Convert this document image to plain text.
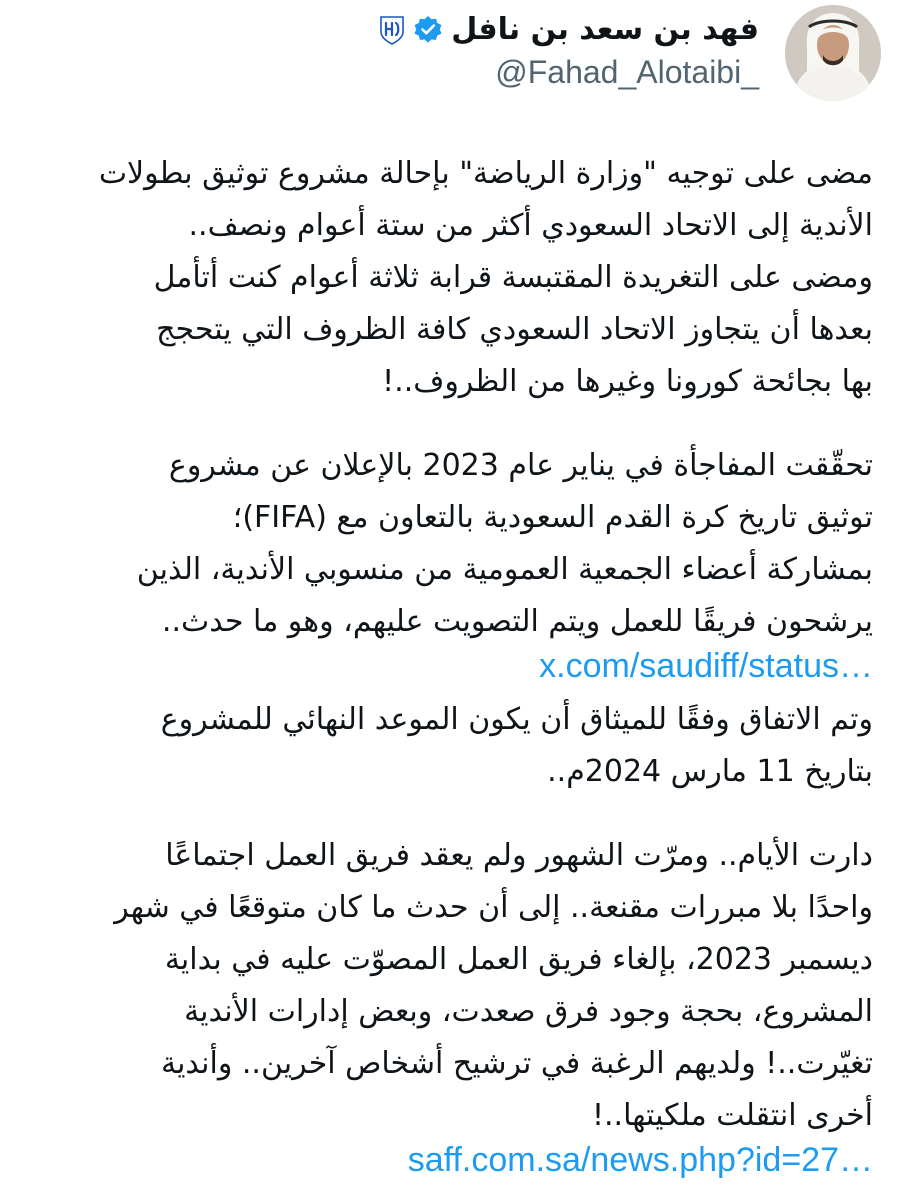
فهد بن سعد بن نافل
@Fahad_Alotaibi_
مضى على توجيه "وزارة الرياضة" بإحالة مشروع توثيق بطولات
الأندية إلى الاتحاد السعودي أكثر من ستة أعوام ونصف..
ومضى على التغريدة المقتبسة قرابة ثلاثة أعوام كنت أتأمل
بعدها أن يتجاوز الاتحاد السعودي كافة الظروف التي يتحجج
بها بجائحة كورونا وغيرها من الظروف..!
تحقّقت المفاجأة في يناير عام 2023 بالإعلان عن مشروع
توثيق تاريخ كرة القدم السعودية بالتعاون مع (FIFA)؛
بمشاركة أعضاء الجمعية العمومية من منسوبي الأندية، الذين
يرشحون فريقًا للعمل ويتم التصويت عليهم، وهو ما حدث..
x.com/saudiff/status…
وتم الاتفاق وفقًا للميثاق أن يكون الموعد النهائي للمشروع
بتاريخ 11 مارس 2024م..
دارت الأيام.. ومرّت الشهور ولم يعقد فريق العمل اجتماعًا
واحدًا بلا مبررات مقنعة.. إلى أن حدث ما كان متوقعًا في شهر
ديسمبر 2023، بإلغاء فريق العمل المصوّت عليه في بداية
المشروع، بحجة وجود فرق صعدت، وبعض إدارات الأندية
تغيّرت..! ولديهم الرغبة في ترشيح أشخاص آخرين.. وأندية
أخرى انتقلت ملكيتها..!
saff.com.sa/news.php?id=27…
